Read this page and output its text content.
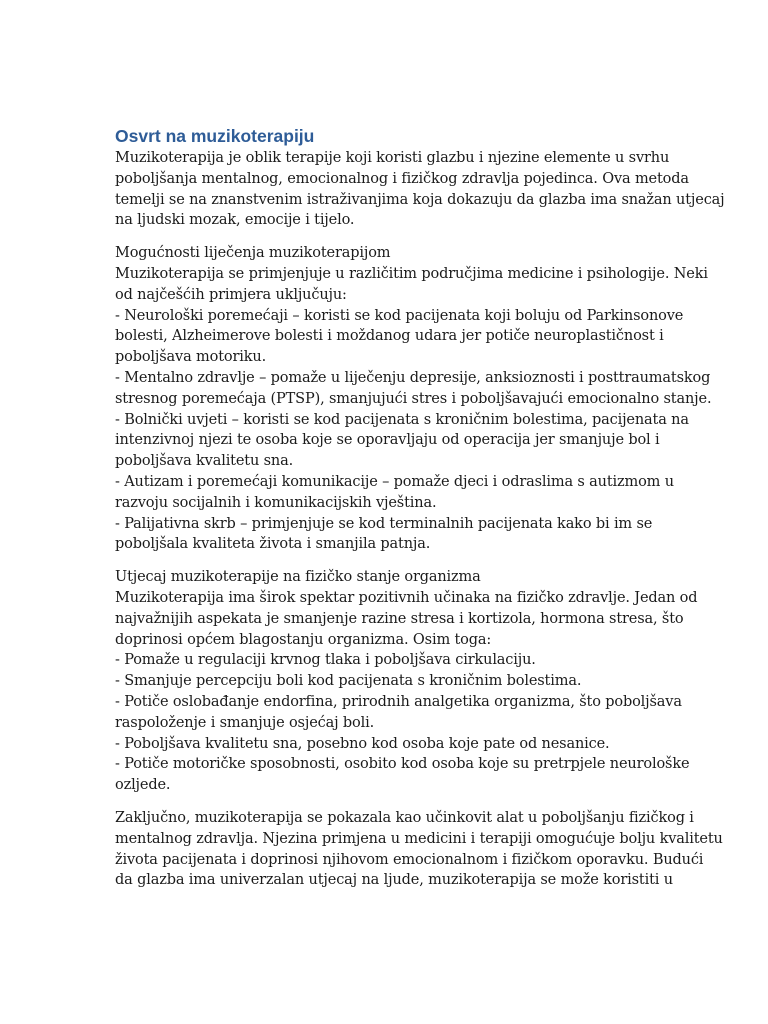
Osvrt na muzikoterapiju

Muzikoterapija je oblik terapije koji koristi glazbu i njezine elemente u svrhu
poboljšanja mentalnog, emocionalnog i fizičkog zdravlja pojedinca. Ova metoda
temelji se na znanstvenim istraživanjima koja dokazuju da glazba ima snažan utjecaj
na ljudski mozak, emocije i tijelo.

Mogućnosti liječenja muzikoterapijom
Muzikoterapija se primjenjuje u različitim područjima medicine i psihologije. Neki
od najčešćih primjera uključuju:
- Neurološki poremećaji – koristi se kod pacijenata koji boluju od Parkinsonove
bolesti, Alzheimerove bolesti i moždanog udara jer potiče neuroplastičnost i
poboljšava motoriku.
- Mentalno zdravlje – pomaže u liječenju depresije, anksioznosti i posttraumatskog
stresnog poremećaja (PTSP), smanjujući stres i poboljšavajući emocionalno stanje.
- Bolnički uvjeti – koristi se kod pacijenata s kroničnim bolestima, pacijenata na
intenzivnoj njezi te osoba koje se oporavljaju od operacija jer smanjuje bol i
poboljšava kvalitetu sna.
- Autizam i poremećaji komunikacije – pomaže djeci i odraslima s autizmom u
razvoju socijalnih i komunikacijskih vještina.
- Palijativna skrb – primjenjuje se kod terminalnih pacijenata kako bi im se
poboljšala kvaliteta života i smanjila patnja.

Utjecaj muzikoterapije na fizičko stanje organizma
Muzikoterapija ima širok spektar pozitivnih učinaka na fizičko zdravlje. Jedan od
najvažnijih aspekata je smanjenje razine stresa i kortizola, hormona stresa, što
doprinosi općem blagostanju organizma. Osim toga:
- Pomaže u regulaciji krvnog tlaka i poboljšava cirkulaciju.
- Smanjuje percepciju boli kod pacijenata s kroničnim bolestima.
- Potiče oslobađanje endorfina, prirodnih analgetika organizma, što poboljšava
raspoloženje i smanjuje osjećaj boli.
- Poboljšava kvalitetu sna, posebno kod osoba koje pate od nesanice.
- Potiče motoričke sposobnosti, osobito kod osoba koje su pretrpjele neurološke
ozljede.

Zaključno, muzikoterapija se pokazala kao učinkovit alat u poboljšanju fizičkog i
mentalnog zdravlja. Njezina primjena u medicini i terapiji omogućuje bolju kvalitetu
života pacijenata i doprinosi njihovom emocionalnom i fizičkom oporavku. Budući
da glazba ima univerzalan utjecaj na ljude, muzikoterapija se može koristiti u
